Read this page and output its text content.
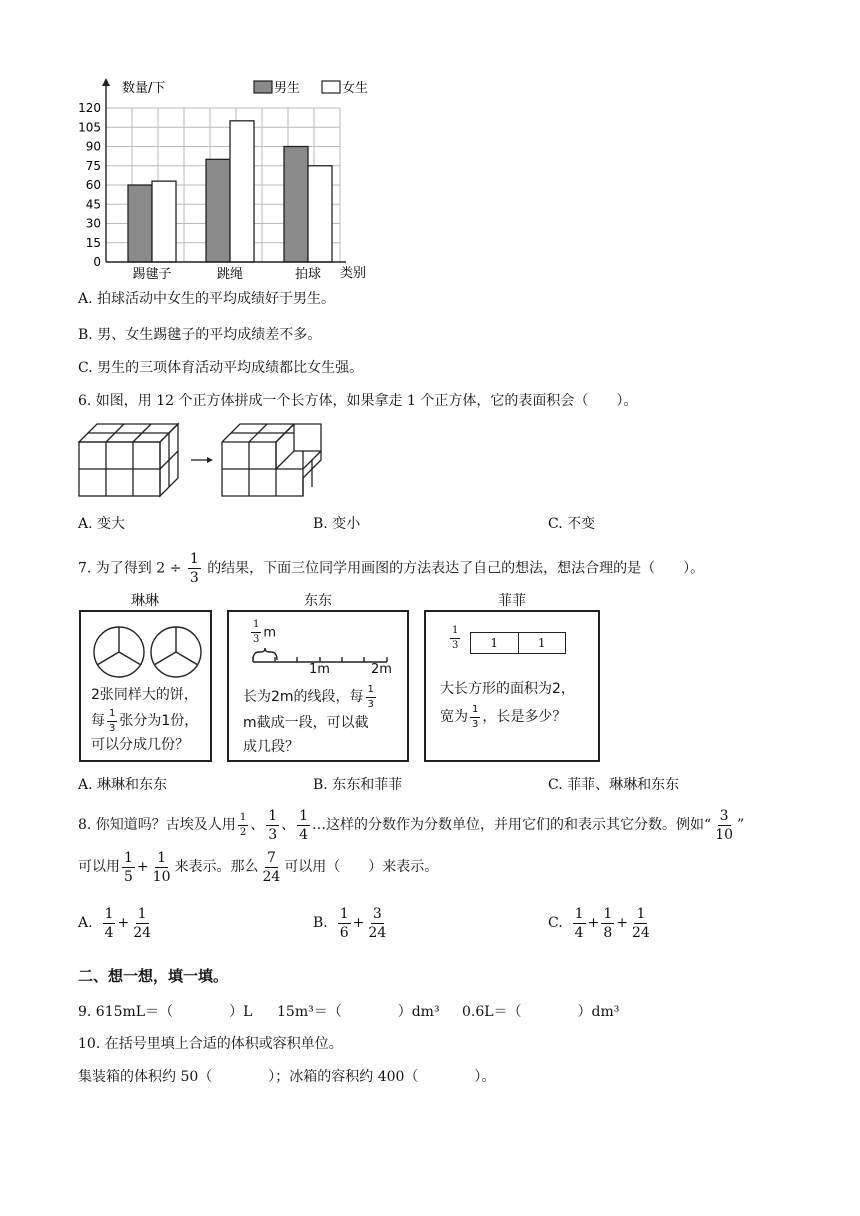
数量/下
类别
男生	女生
0
15
30
45
60
75
90
105
120
踢毽子	跳绳	拍球
A. 拍球活动中女生的平均成绩好于男生。
B. 男、女生踢毽子的平均成绩差不多。
C. 男生的三项体育活动平均成绩都比女生强。
6. 如图，用 12 个正方体拼成一个长方体，如果拿走 1 个正方体，它的表面积会（　　）。
A. 变大	B. 变小	C. 不变
7. 为了得到 $2 \div \frac{1}{3}$ 的结果，下面三位同学用画图的方法表达了自己的想法，想法合理的是（　　）。
琳琳
2张同样大的饼，
每 $\frac{1}{3}$ 张分为1份，
可以分成几份？
东东
$\frac{1}{3}$ m
1m	2m
长为2m的线段，每 $\frac{1}{3}$
m截成一段，可以截
成几段？
菲菲
$\frac{1}{3}$	1	1
大长方形的面积为2，
宽为 $\frac{1}{3}$ ，长是多少？
A. 琳琳和东东	B. 东东和菲菲	C. 菲菲、琳琳和东东
8. 你知道吗？古埃及人用 $\frac{1}{2}$ 、 $\frac{1}{3}$ 、 $\frac{1}{4}$ …这样的分数作为分数单位，并用它们的和表示其它分数。例如“ $\frac{3}{10}$ ”
可以用 $\frac{1}{5} + \frac{1}{10}$ 来表示。那么 $\frac{7}{24}$ 可以用（　　）来表示。
A. $\frac{1}{4} + \frac{1}{24}$	B. $\frac{1}{6} + \frac{3}{24}$	C. $\frac{1}{4} + \frac{1}{8} + \frac{1}{24}$
二、想一想，填一填。
9. 615mL＝（　　　　）L 15m³＝（　　　　）dm³ 0.6L＝（　　　　）dm³
10. 在括号里填上合适的体积或容积单位。
集装箱的体积约 50（　　　　）；冰箱的容积约 400（　　　　）。
